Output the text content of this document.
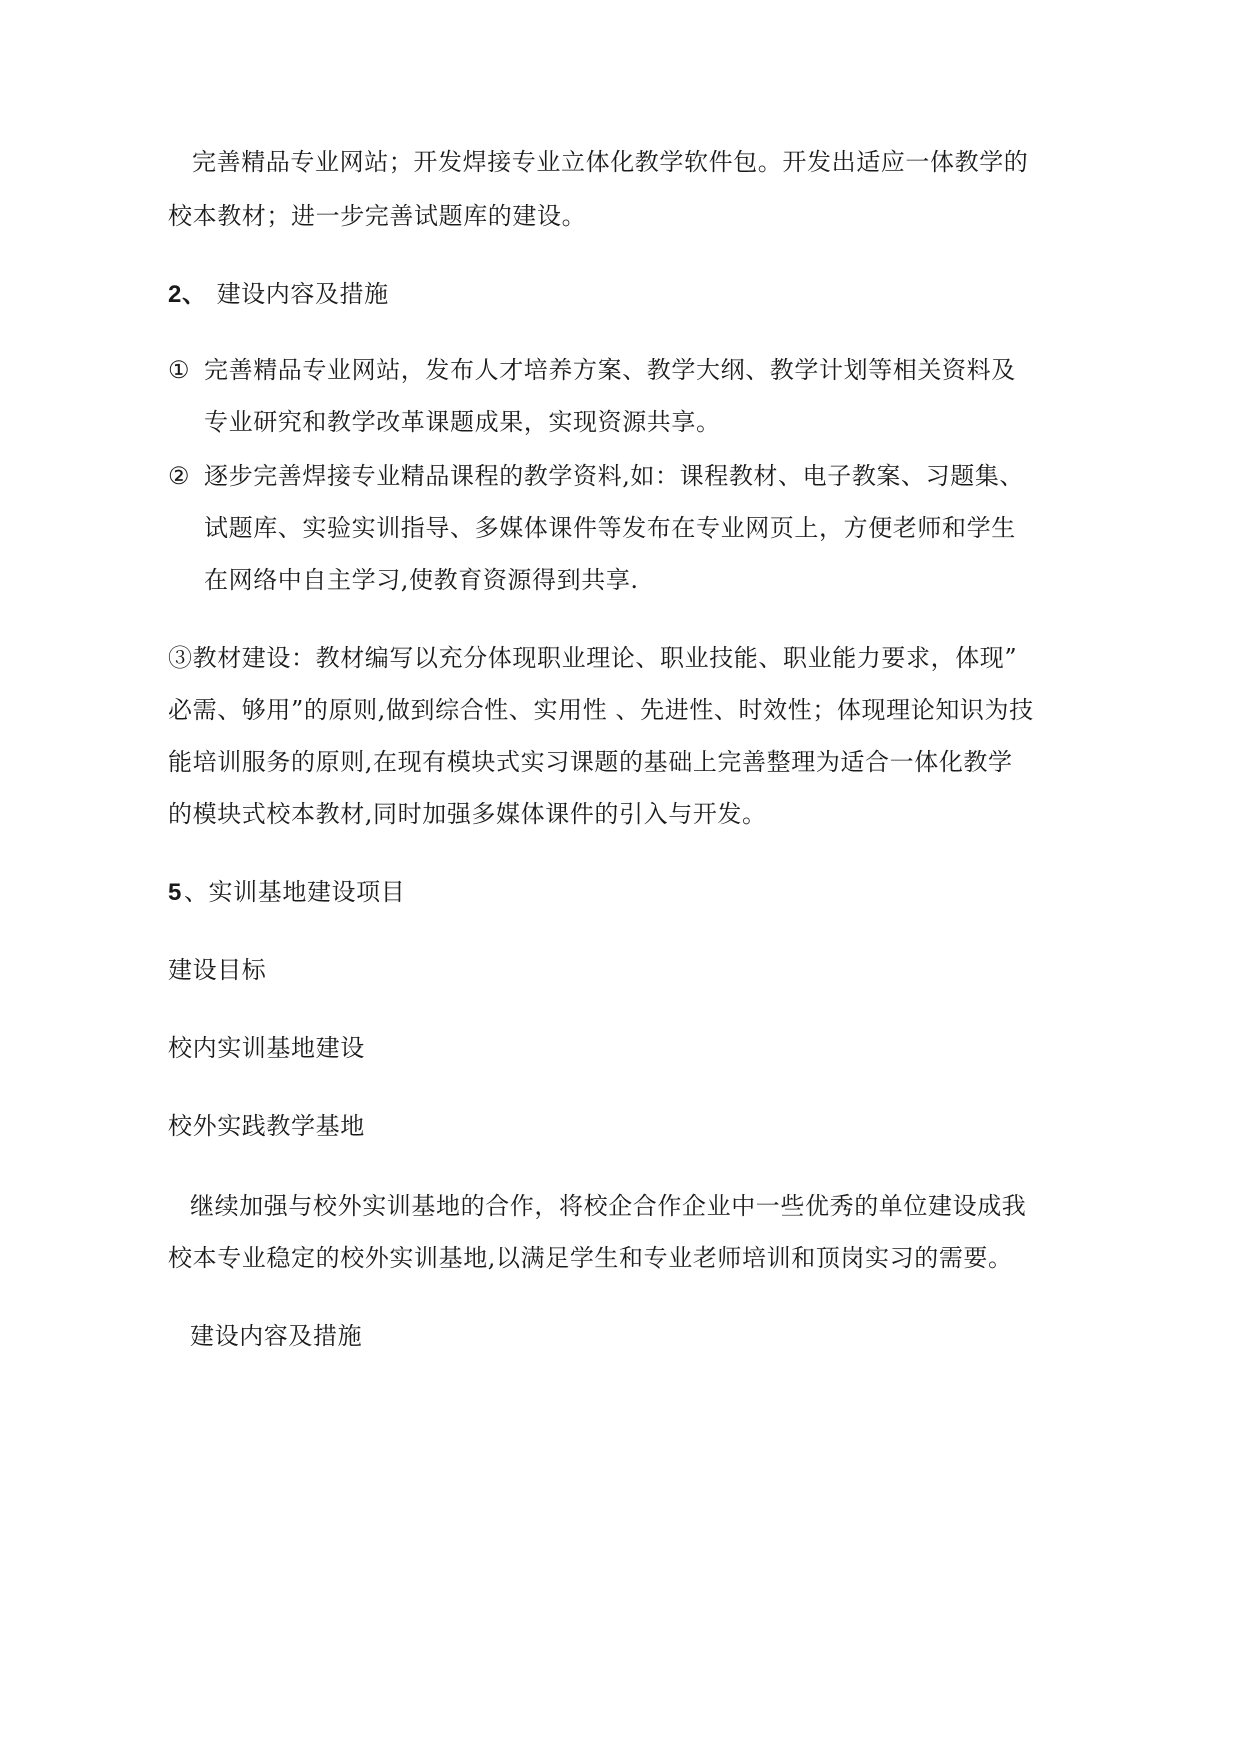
完善精品专业网站；开发焊接专业立体化教学软件包。开发出适应一体教学的
校本教材；进一步完善试题库的建设。
2、 建设内容及措施
① 完善精品专业网站，发布人才培养方案、教学大纲、教学计划等相关资料及
专业研究和教学改革课题成果，实现资源共享。
② 逐步完善焊接专业精品课程的教学资料,如：课程教材、电子教案、习题集、
试题库、实验实训指导、多媒体课件等发布在专业网页上，方便老师和学生
在网络中自主学习,使教育资源得到共享.
③教材建设：教材编写以充分体现职业理论、职业技能、职业能力要求，体现”
必需、够用”的原则,做到综合性、实用性 、先进性、时效性；体现理论知识为技
能培训服务的原则,在现有模块式实习课题的基础上完善整理为适合一体化教学
的模块式校本教材,同时加强多媒体课件的引入与开发。
5、实训基地建设项目
建设目标
校内实训基地建设
校外实践教学基地
继续加强与校外实训基地的合作，将校企合作企业中一些优秀的单位建设成我
校本专业稳定的校外实训基地,以满足学生和专业老师培训和顶岗实习的需要。
建设内容及措施
